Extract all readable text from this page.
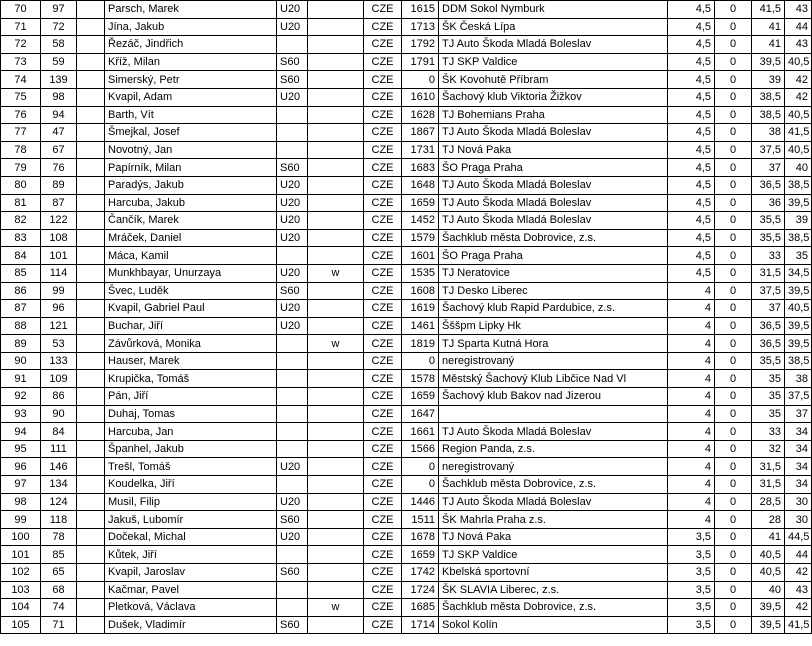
70	97		Parsch, Marek	U20		CZE	1615	DDM Sokol Nymburk	4,5	0	41,5	43
71	72		Jína, Jakub	U20		CZE	1713	ŠK Česká Lípa	4,5	0	41	44
72	58		Řezáč, Jindřich			CZE	1792	TJ Auto Škoda Mladá Boleslav	4,5	0	41	43
73	59		Kříž, Milan	S60		CZE	1791	TJ SKP Valdice	4,5	0	39,5	40,5
74	139		Simerský, Petr	S60		CZE	0	ŠK Kovohutě Příbram	4,5	0	39	42
75	98		Kvapil, Adam	U20		CZE	1610	Šachový klub Viktoria Žižkov	4,5	0	38,5	42
76	94		Barth, Vít			CZE	1628	TJ Bohemians Praha	4,5	0	38,5	40,5
77	47		Šmejkal, Josef			CZE	1867	TJ Auto Škoda Mladá Boleslav	4,5	0	38	41,5
78	67		Novotný, Jan			CZE	1731	TJ Nová Paka	4,5	0	37,5	40,5
79	76		Papírník, Milan	S60		CZE	1683	ŠO Praga Praha	4,5	0	37	40
80	89		Paradýs, Jakub	U20		CZE	1648	TJ Auto Škoda Mladá Boleslav	4,5	0	36,5	38,5
81	87		Harcuba, Jakub	U20		CZE	1659	TJ Auto Škoda Mladá Boleslav	4,5	0	36	39,5
82	122		Čančík, Marek	U20		CZE	1452	TJ Auto Škoda Mladá Boleslav	4,5	0	35,5	39
83	108		Mráček, Daniel	U20		CZE	1579	Šachklub města Dobrovice, z.s.	4,5	0	35,5	38,5
84	101		Máca, Kamil			CZE	1601	ŠO Praga Praha	4,5	0	33	35
85	114		Munkhbayar, Unurzaya	U20	w	CZE	1535	TJ Neratovice	4,5	0	31,5	34,5
86	99		Švec, Luděk	S60		CZE	1608	TJ Desko Liberec	4	0	37,5	39,5
87	96		Kvapil, Gabriel Paul	U20		CZE	1619	Šachový klub Rapid Pardubice, z.s.	4	0	37	40,5
88	121		Buchar, Jiří	U20		CZE	1461	Šššpm Lipky Hk	4	0	36,5	39,5
89	53		Závůrková, Monika		w	CZE	1819	TJ Sparta Kutná Hora	4	0	36,5	39,5
90	133		Hauser, Marek			CZE	0	neregistrovaný	4	0	35,5	38,5
91	109		Krupička, Tomáš			CZE	1578	Městský Šachový Klub Libčice Nad Vl	4	0	35	38
92	86		Pán, Jiří			CZE	1659	Šachový klub Bakov nad Jizerou	4	0	35	37,5
93	90		Duhaj, Tomas			CZE	1647		4	0	35	37
94	84		Harcuba, Jan			CZE	1661	TJ Auto Škoda Mladá Boleslav	4	0	33	34
95	111		Španhel, Jakub			CZE	1566	Region Panda, z.s.	4	0	32	34
96	146		Trešl, Tomáš	U20		CZE	0	neregistrovaný	4	0	31,5	34
97	134		Koudelka, Jiří			CZE	0	Šachklub města Dobrovice, z.s.	4	0	31,5	34
98	124		Musil, Filip	U20		CZE	1446	TJ Auto Škoda Mladá Boleslav	4	0	28,5	30
99	118		Jakuš, Lubomír	S60		CZE	1511	ŠK Mahrla Praha z.s.	4	0	28	30
100	78		Dočekal, Michal	U20		CZE	1678	TJ Nová Paka	3,5	0	41	44,5
101	85		Kůtek, Jiří			CZE	1659	TJ SKP Valdice	3,5	0	40,5	44
102	65		Kvapil, Jaroslav	S60		CZE	1742	Kbelská sportovní	3,5	0	40,5	42
103	68		Kačmar, Pavel			CZE	1724	ŠK SLAVIA Liberec, z.s.	3,5	0	40	43
104	74		Pletková, Václava		w	CZE	1685	Šachklub města Dobrovice, z.s.	3,5	0	39,5	42
105	71		Dušek, Vladimír	S60		CZE	1714	Sokol Kolín	3,5	0	39,5	41,5
